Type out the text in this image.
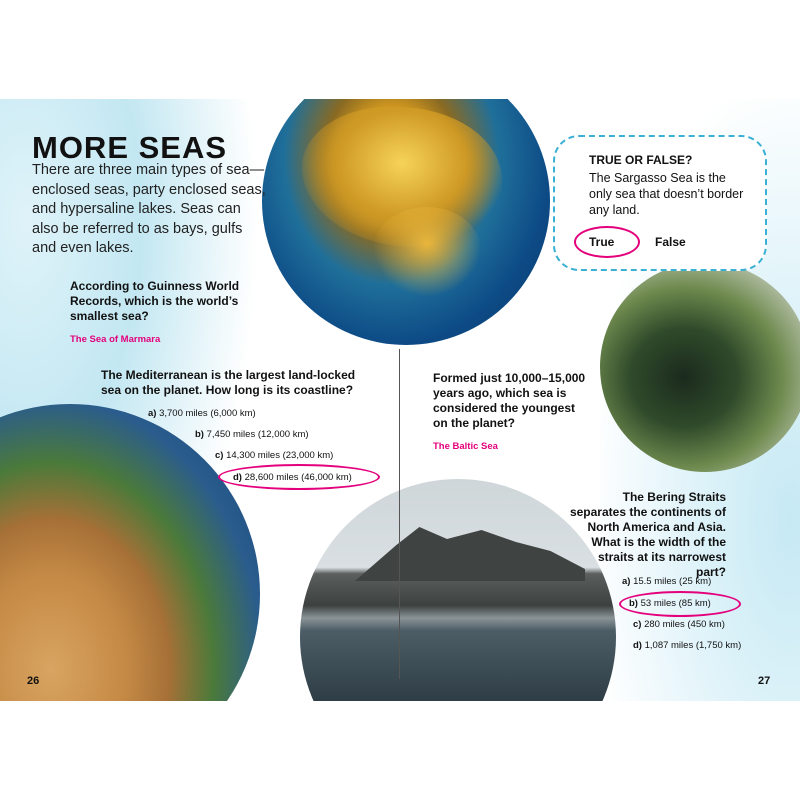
MORE SEAS

There are three main types of sea—enclosed seas, party enclosed seas, and hypersaline lakes. Seas can also be referred to as bays, gulfs and even lakes.

According to Guinness World Records, which is the world’s smallest sea?

The Sea of Marmara

The Mediterranean is the largest land-locked sea on the planet. How long is its coastline?

a) 3,700 miles (6,000 km)
b) 7,450 miles (12,000 km)
c) 14,300 miles (23,000 km)
d) 28,600 miles (46,000 km)

Formed just 10,000–15,000 years ago, which sea is considered the youngest on the planet?

The Baltic Sea

The Bering Straits separates the continents of North America and Asia. What is the width of the straits at its narrowest part?

a) 15.5 miles (25 km)
b) 53 miles (85 km)
c) 280 miles (450 km)
d) 1,087 miles (1,750 km)
TRUE OR FALSE?

The Sargasso Sea is the only sea that doesn’t border any land.

True	False
26	27
